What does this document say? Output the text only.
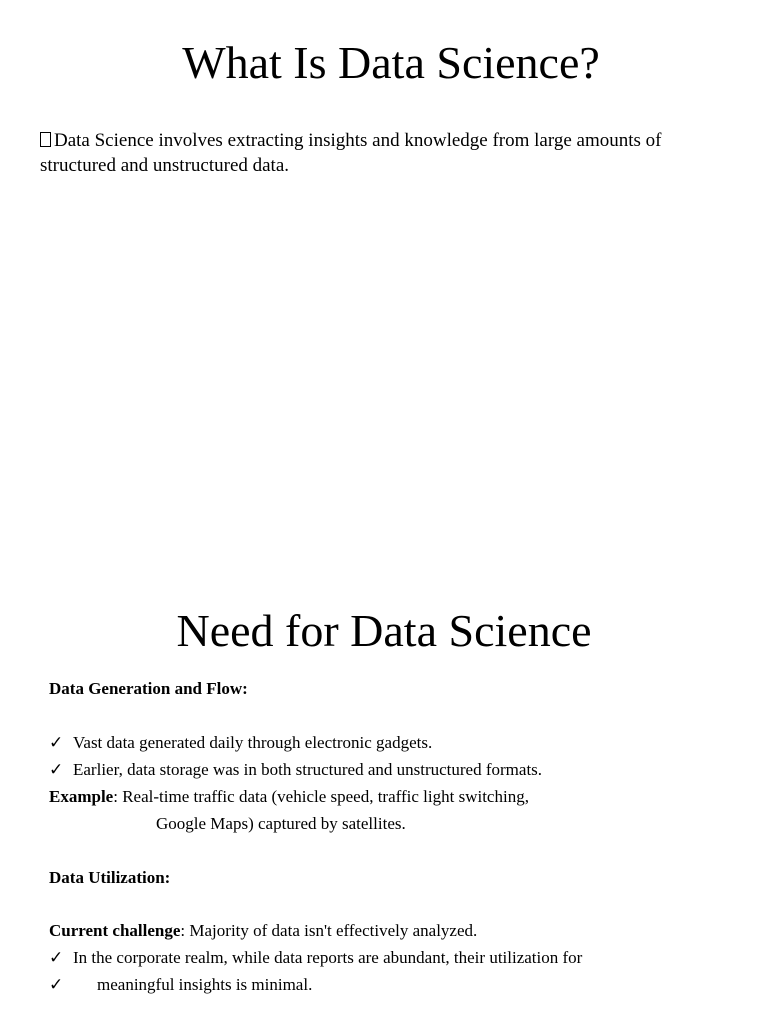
What Is Data Science?
Data Science involves extracting insights and knowledge from large amounts of structured and unstructured data.
Need for Data Science
Data Generation and Flow:
✓ Vast data generated daily through electronic gadgets.
✓ Earlier, data storage was in both structured and unstructured formats.
Example: Real-time traffic data (vehicle speed, traffic light switching,
Google Maps) captured by satellites.
Data Utilization:
Current challenge: Majority of data isn't effectively analyzed.
✓ In the corporate realm, while data reports are abundant, their utilization for
✓ meaningful insights is minimal.
